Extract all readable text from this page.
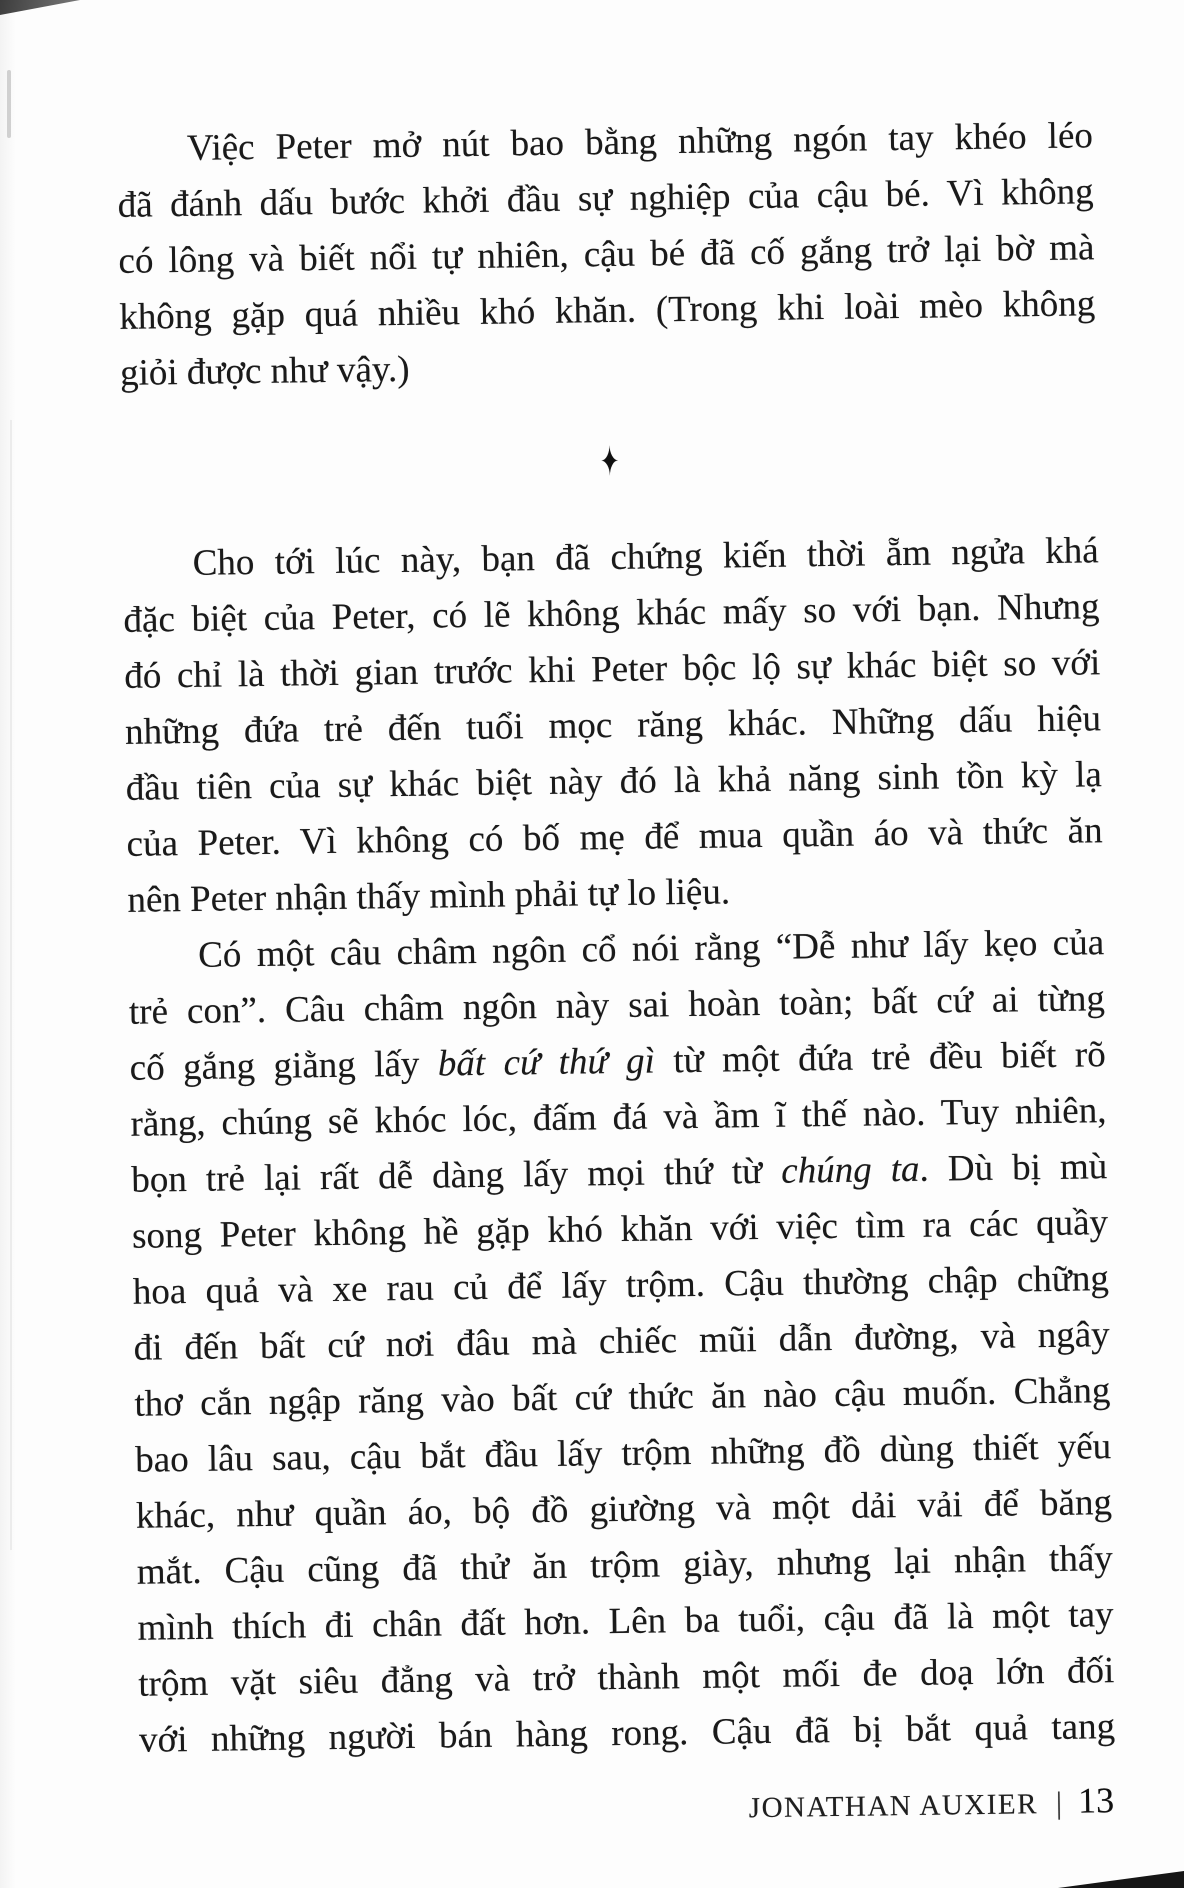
Việc Peter mở nút bao bằng những ngón tay khéo léo
đã đánh dấu bước khởi đầu sự nghiệp của cậu bé. Vì không
có lông và biết nổi tự nhiên, cậu bé đã cố gắng trở lại bờ mà
không gặp quá nhiều khó khăn. (Trong khi loài mèo không
giỏi được như vậy.)
✦
Cho tới lúc này, bạn đã chứng kiến thời ẵm ngửa khá
đặc biệt của Peter, có lẽ không khác mấy so với bạn. Nhưng
đó chỉ là thời gian trước khi Peter bộc lộ sự khác biệt so với
những đứa trẻ đến tuổi mọc răng khác. Những dấu hiệu
đầu tiên của sự khác biệt này đó là khả năng sinh tồn kỳ lạ
của Peter. Vì không có bố mẹ để mua quần áo và thức ăn
nên Peter nhận thấy mình phải tự lo liệu.
Có một câu châm ngôn cổ nói rằng “Dễ như lấy kẹo của
trẻ con”. Câu châm ngôn này sai hoàn toàn; bất cứ ai từng
cố gắng giằng lấy bất cứ thứ gì từ một đứa trẻ đều biết rõ
rằng, chúng sẽ khóc lóc, đấm đá và ầm ĩ thế nào. Tuy nhiên,
bọn trẻ lại rất dễ dàng lấy mọi thứ từ chúng ta. Dù bị mù
song Peter không hề gặp khó khăn với việc tìm ra các quầy
hoa quả và xe rau củ để lấy trộm. Cậu thường chập chững
đi đến bất cứ nơi đâu mà chiếc mũi dẫn đường, và ngây
thơ cắn ngập răng vào bất cứ thức ăn nào cậu muốn. Chẳng
bao lâu sau, cậu bắt đầu lấy trộm những đồ dùng thiết yếu
khác, như quần áo, bộ đồ giường và một dải vải để băng
mắt. Cậu cũng đã thử ăn trộm giày, nhưng lại nhận thấy
mình thích đi chân đất hơn. Lên ba tuổi, cậu đã là một tay
trộm vặt siêu đẳng và trở thành một mối đe doạ lớn đối
với những người bán hàng rong. Cậu đã bị bắt quả tang
JONATHAN AUXIER | 13
